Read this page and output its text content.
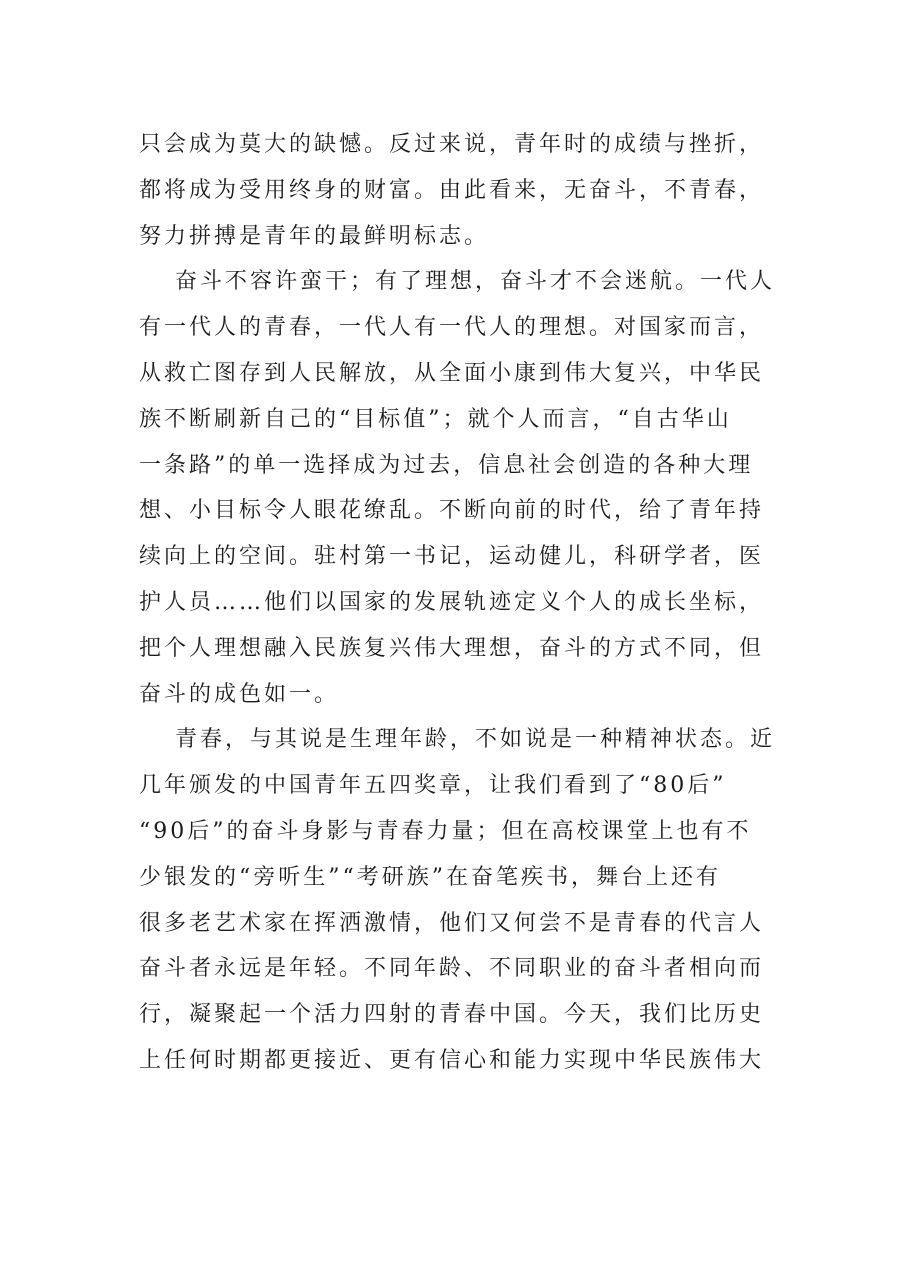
只会成为莫大的缺憾。反过来说，青年时的成绩与挫折，
都将成为受用终身的财富。由此看来，无奋斗，不青春，
努力拼搏是青年的最鲜明标志。
奋斗不容许蛮干；有了理想，奋斗才不会迷航。一代人
有一代人的青春，一代人有一代人的理想。对国家而言，
从救亡图存到人民解放，从全面小康到伟大复兴，中华民
族不断刷新自己的“目标值”；就个人而言，“自古华山
一条路”的单一选择成为过去，信息社会创造的各种大理
想、小目标令人眼花缭乱。不断向前的时代，给了青年持
续向上的空间。驻村第一书记，运动健儿，科研学者，医
护人员……他们以国家的发展轨迹定义个人的成长坐标，
把个人理想融入民族复兴伟大理想，奋斗的方式不同，但
奋斗的成色如一。
青春，与其说是生理年龄，不如说是一种精神状态。近
几年颁发的中国青年五四奖章，让我们看到了“80后”
“90后”的奋斗身影与青春力量；但在高校课堂上也有不
少银发的“旁听生”“考研族”在奋笔疾书，舞台上还有
很多老艺术家在挥洒激情，他们又何尝不是青春的代言人
奋斗者永远是年轻。不同年龄、不同职业的奋斗者相向而
行，凝聚起一个活力四射的青春中国。今天，我们比历史
上任何时期都更接近、更有信心和能力实现中华民族伟大
